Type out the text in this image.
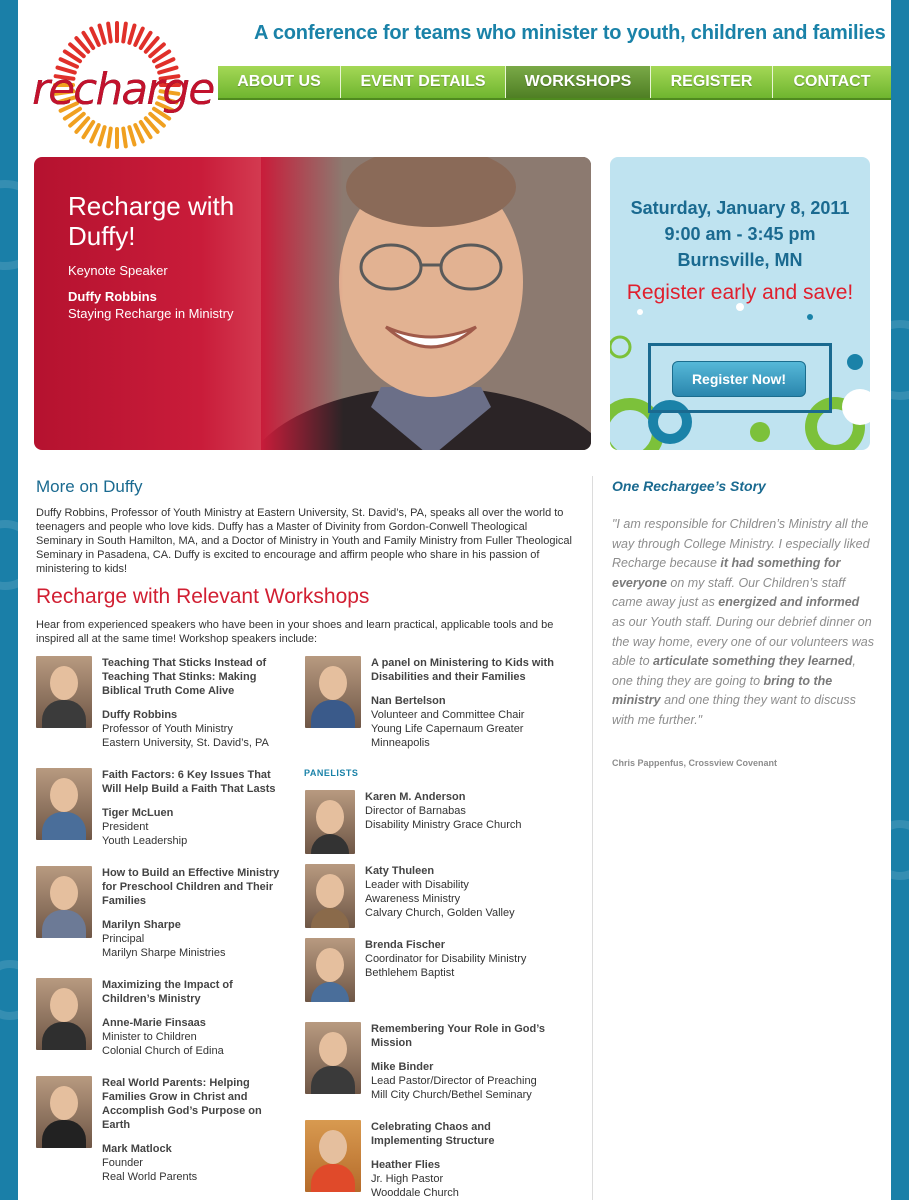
recharge
A conference for teams who minister to youth, children and families
ABOUT US	EVENT DETAILS	WORKSHOPS	REGISTER	CONTACT
Recharge with Duffy!
Keynote Speaker
Duffy Robbins
Staying Recharge in Ministry
Saturday, January 8, 2011
9:00 am - 3:45 pm
Burnsville, MN
Register early and save!
Register Now!
More on Duffy

Duffy Robbins, Professor of Youth Ministry at Eastern University, St. David’s, PA, speaks all over the world to teenagers and people who love kids. Duffy has a Master of Divinity from Gordon-Conwell Theological Seminary in South Hamilton, MA, and a Doctor of Ministry in Youth and Family Ministry from Fuller Theological Seminary in Pasadena, CA. Duffy is excited to encourage and affirm people who share in his passion of ministering to kids!

Recharge with Relevant Workshops

Hear from experienced speakers who have been in your shoes and learn practical, applicable tools and be inspired all at the same time! Workshop speakers include:

Teaching That Sticks Instead of Teaching That Stinks: Making Biblical Truth Come Alive
Duffy Robbins
Professor of Youth Ministry
Eastern University, St. David’s, PA
Faith Factors: 6 Key Issues That Will Help Build a Faith That Lasts
Tiger McLuen
President
Youth Leadership
How to Build an Effective Ministry for Preschool Children and Their Families
Marilyn Sharpe
Principal
Marilyn Sharpe Ministries
Maximizing the Impact of Children’s Ministry
Anne-Marie Finsaas
Minister to Children
Colonial Church of Edina
Real World Parents: Helping Families Grow in Christ and Accomplish God’s Purpose on Earth
Mark Matlock
Founder
Real World Parents
A panel on Ministering to Kids with Disabilities and their Families
Nan Bertelson
Volunteer and Committee Chair
Young Life Capernaum Greater
Minneapolis
PANELISTS
Karen M. Anderson
Director of Barnabas
Disability Ministry Grace Church
Katy Thuleen
Leader with Disability
Awareness Ministry
Calvary Church, Golden Valley
Brenda Fischer
Coordinator for Disability Ministry
Bethlehem Baptist
Remembering Your Role in God’s Mission
Mike Binder
Lead Pastor/Director of Preaching
Mill City Church/Bethel Seminary
Celebrating Chaos and Implementing Structure
Heather Flies
Jr. High Pastor
Wooddale Church
One Rechargee’s Story

"I am responsible for Children’s Ministry all the way through College Ministry. I especially liked Recharge because it had something for everyone on my staff. Our Children’s staff came away just as energized and informed as our Youth staff. During our debrief dinner on the way home, every one of our volunteers was able to articulate something they learned, one thing they are going to bring to the ministry and one thing they want to discuss with me further."

Chris Pappenfus, Crossview Covenant
